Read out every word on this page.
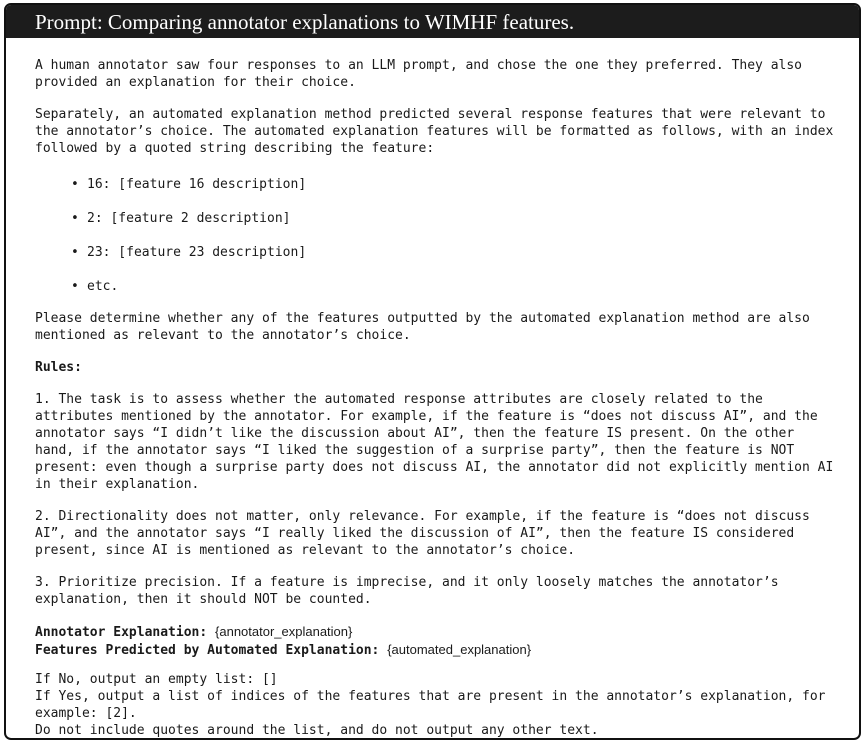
Prompt: Comparing annotator explanations to WIMHF features.

A human annotator saw four responses to an LLM prompt, and chose the one they preferred. They also provided an explanation for their choice.

Separately, an automated explanation method predicted several response features that were relevant to the annotator’s choice. The automated explanation features will be formatted as follows, with an index followed by a quoted string describing the feature:

• 16: [feature 16 description]
• 2: [feature 2 description]
• 23: [feature 23 description]
• etc.

Please determine whether any of the features outputted by the automated explanation method are also mentioned as relevant to the annotator’s choice.

Rules:

1. The task is to assess whether the automated response attributes are closely related to the attributes mentioned by the annotator. For example, if the feature is “does not discuss AI”, and the annotator says “I didn’t like the discussion about AI”, then the feature IS present. On the other hand, if the annotator says “I liked the suggestion of a surprise party”, then the feature is NOT present: even though a surprise party does not discuss AI, the annotator did not explicitly mention AI in their explanation.

2. Directionality does not matter, only relevance. For example, if the feature is “does not discuss AI”, and the annotator says “I really liked the discussion of AI”, then the feature IS considered present, since AI is mentioned as relevant to the annotator’s choice.

3. Prioritize precision. If a feature is imprecise, and it only loosely matches the annotator’s explanation, then it should NOT be counted.

Annotator Explanation: {annotator_explanation}

Features Predicted by Automated Explanation: {automated_explanation}

If No, output an empty list: []

If Yes, output a list of indices of the features that are present in the annotator’s explanation, for example: [2].

Do not include quotes around the list, and do not output any other text.
